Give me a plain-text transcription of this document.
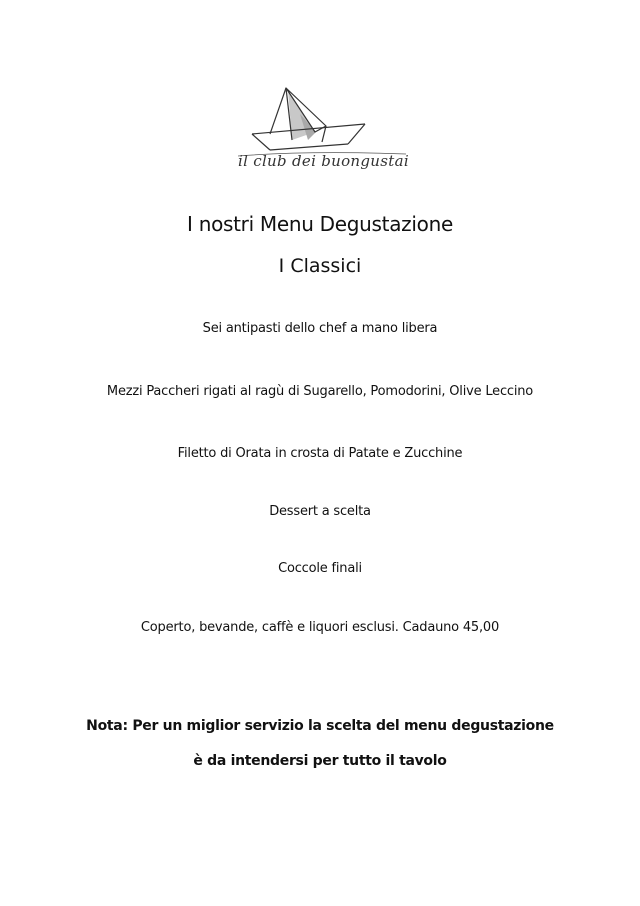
il club dei buongustai
I nostri Menu Degustazione
I Classici
Sei antipasti dello chef a mano libera
Mezzi Paccheri rigati al ragù di Sugarello, Pomodorini, Olive Leccino
Filetto di Orata in crosta di Patate e Zucchine
Dessert a scelta
Coccole finali
Coperto, bevande, caffè e liquori esclusi. Cadauno 45,00
Nota: Per un miglior servizio la scelta del menu degustazione
è da intendersi per tutto il tavolo
